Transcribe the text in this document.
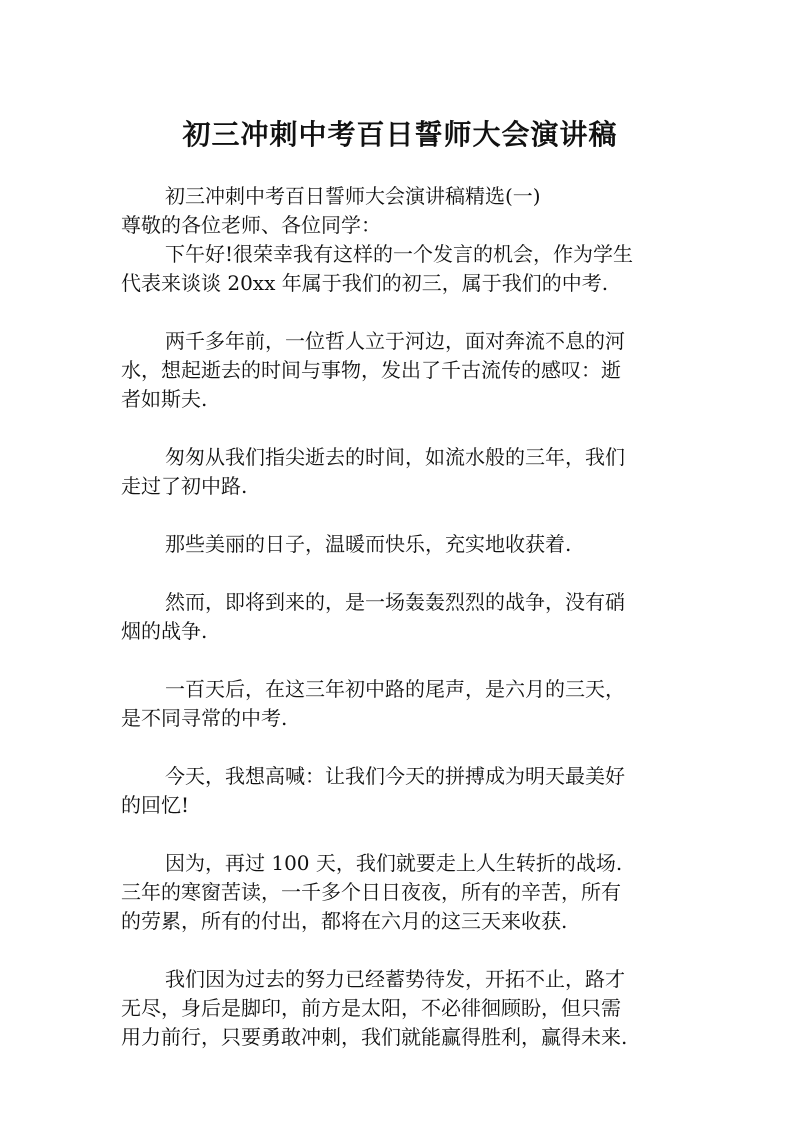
初三冲刺中考百日誓师大会演讲稿
初三冲刺中考百日誓师大会演讲稿精选(一)
尊敬的各位老师、各位同学：
下午好!很荣幸我有这样的一个发言的机会，作为学生
代表来谈谈 20xx 年属于我们的初三，属于我们的中考.
两千多年前，一位哲人立于河边，面对奔流不息的河
水，想起逝去的时间与事物，发出了千古流传的感叹：逝
者如斯夫.
匆匆从我们指尖逝去的时间，如流水般的三年，我们
走过了初中路.
那些美丽的日子，温暖而快乐，充实地收获着.
然而，即将到来的，是一场轰轰烈烈的战争，没有硝
烟的战争.
一百天后，在这三年初中路的尾声，是六月的三天，
是不同寻常的中考.
今天，我想高喊：让我们今天的拼搏成为明天最美好
的回忆!
因为，再过 100 天，我们就要走上人生转折的战场.
三年的寒窗苦读，一千多个日日夜夜，所有的辛苦，所有
的劳累，所有的付出，都将在六月的这三天来收获.
我们因为过去的努力已经蓄势待发，开拓不止，路才
无尽，身后是脚印，前方是太阳，不必徘徊顾盼，但只需
用力前行，只要勇敢冲刺，我们就能赢得胜利，赢得未来.
